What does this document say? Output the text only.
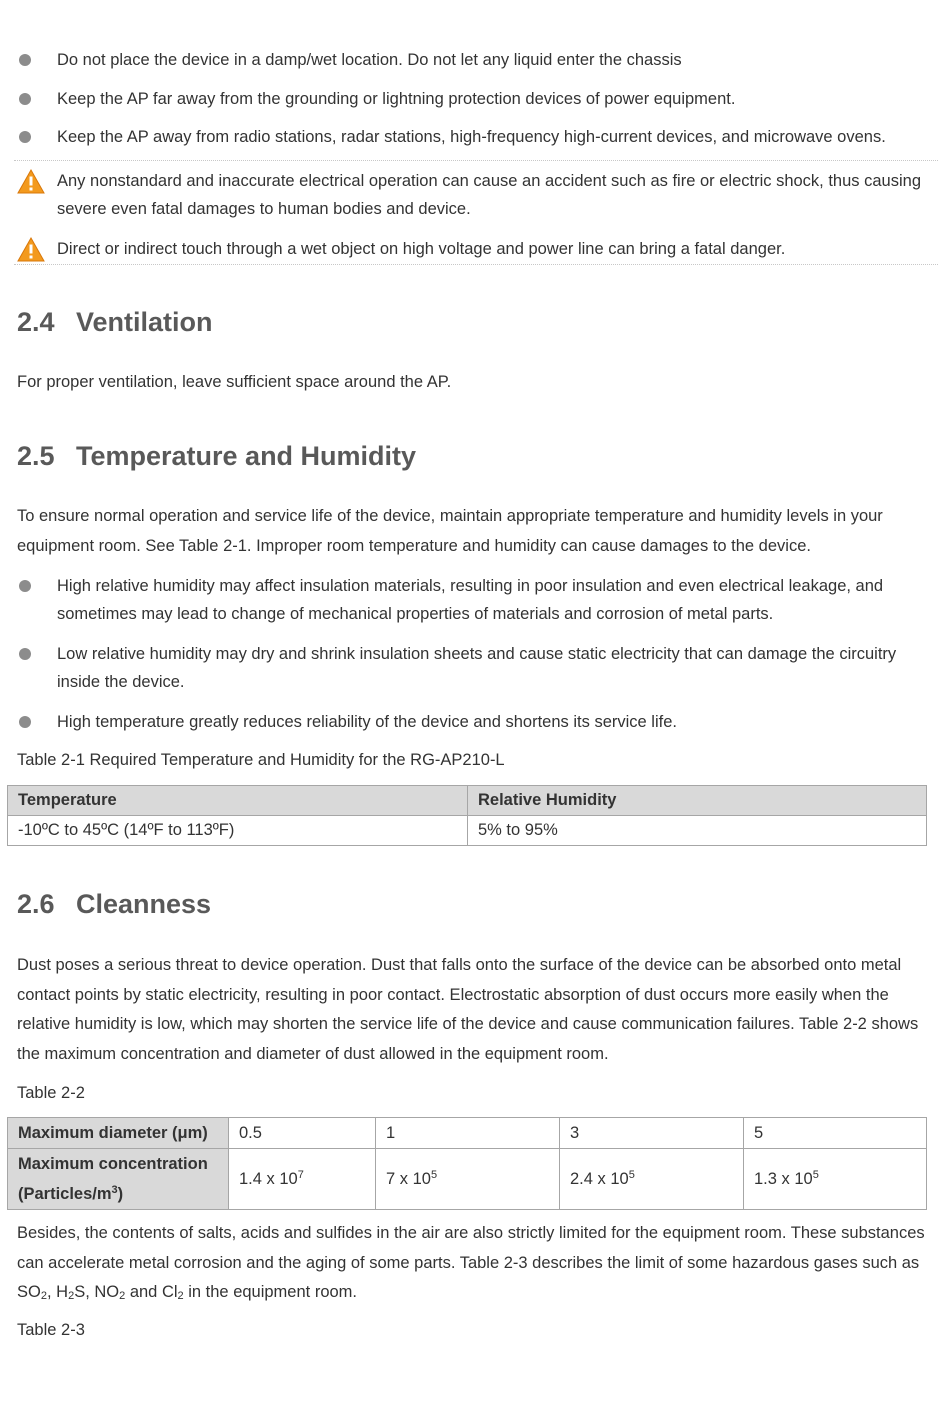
Do not place the device in a damp/wet location. Do not let any liquid enter the chassis
Keep the AP far away from the grounding or lightning protection devices of power equipment.
Keep the AP away from radio stations, radar stations, high-frequency high-current devices, and microwave ovens.
Any nonstandard and inaccurate electrical operation can cause an accident such as fire or electric shock, thus causing severe even fatal damages to human bodies and device.
Direct or indirect touch through a wet object on high voltage and power line can bring a fatal danger.
2.4 Ventilation
For proper ventilation, leave sufficient space around the AP.
2.5 Temperature and Humidity
To ensure normal operation and service life of the device, maintain appropriate temperature and humidity levels in your equipment room. See Table 2-1. Improper room temperature and humidity can cause damages to the device.
High relative humidity may affect insulation materials, resulting in poor insulation and even electrical leakage, and sometimes may lead to change of mechanical properties of materials and corrosion of metal parts.
Low relative humidity may dry and shrink insulation sheets and cause static electricity that can damage the circuitry inside the device.
High temperature greatly reduces reliability of the device and shortens its service life.
Table 2-1 Required Temperature and Humidity for the RG-AP210-L
Temperature	Relative Humidity
-10ºC to 45ºC (14ºF to 113ºF)	5% to 95%
2.6 Cleanness
Dust poses a serious threat to device operation. Dust that falls onto the surface of the device can be absorbed onto metal contact points by static electricity, resulting in poor contact. Electrostatic absorption of dust occurs more easily when the relative humidity is low, which may shorten the service life of the device and cause communication failures. Table 2-2 shows the maximum concentration and diameter of dust allowed in the equipment room.
Table 2-2
Maximum diameter (μm)	0.5	1	3	5
Maximum concentration $(Particles/m^3)$	1.4 x $10^7$	7 x $10^5$	2.4 x $10^5$	1.3 x $10^5$
Besides, the contents of salts, acids and sulfides in the air are also strictly limited for the equipment room. These substances can accelerate metal corrosion and the aging of some parts. Table 2-3 describes the limit of some hazardous gases such as $SO_2$, $H_2S$, $NO_2$ and $Cl_2$ in the equipment room.
Table 2-3
